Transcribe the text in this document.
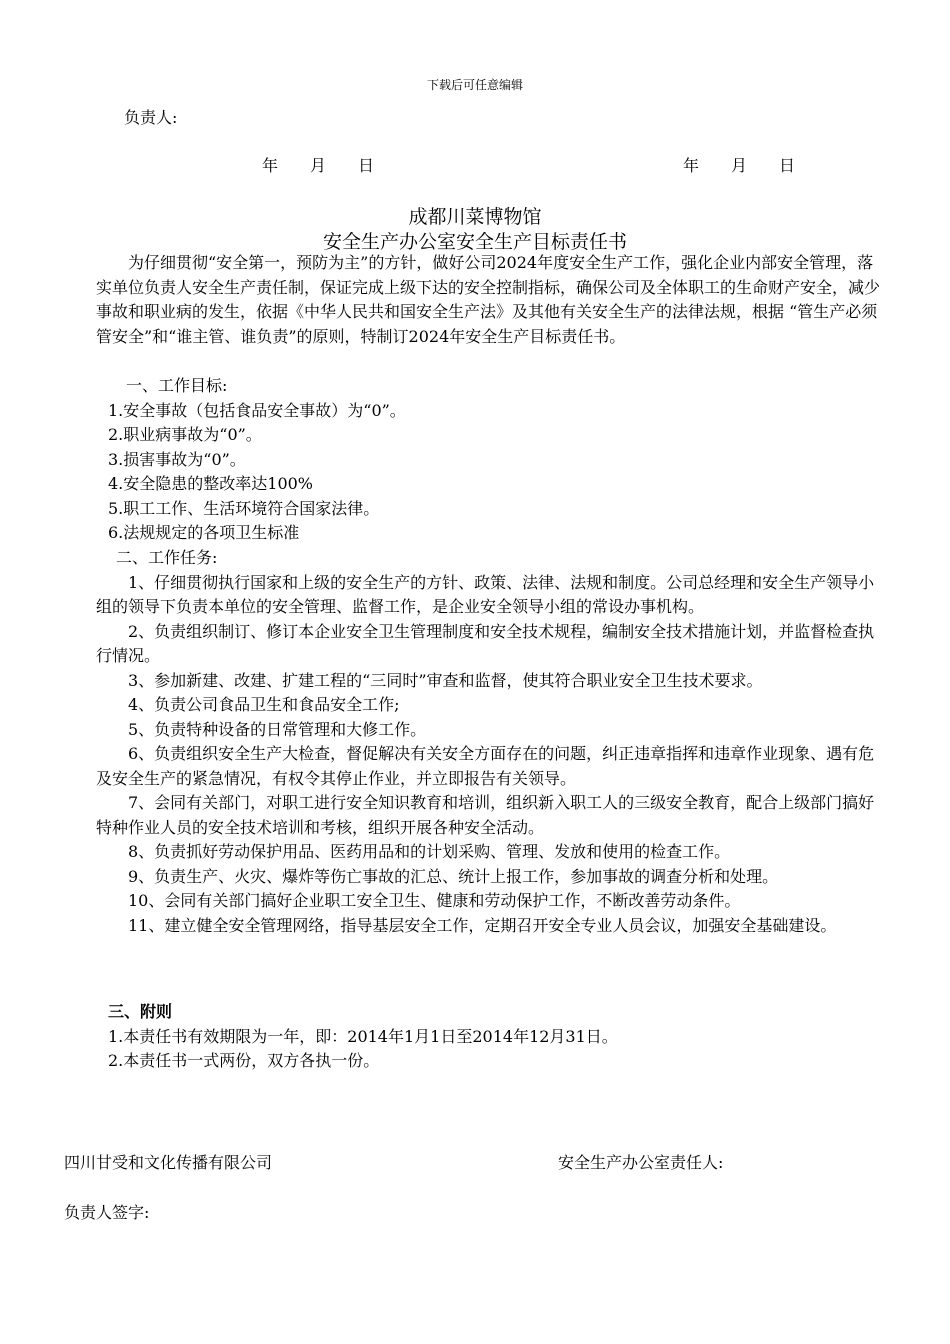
下载后可任意编辑
负责人:
年　　月　　日	年　　月　　日
成都川菜博物馆
安全生产办公室安全生产目标责任书

为仔细贯彻“安全第一，预防为主”的方针，做好公司2024年度安全生产工作，强化企业内部安全管理，落实单位负责人安全生产责任制，保证完成上级下达的安全控制指标，确保公司及全体职工的生命财产安全，减少事故和职业病的发生，依据《中华人民共和国安全生产法》及其他有关安全生产的法律法规，根据 “管生产必须管安全”和“谁主管、谁负责”的原则，特制订2024年安全生产目标责任书。

一、工作目标:

1.安全事故（包括食品安全事故）为“0”。

2.职业病事故为“0”。

3.损害事故为“0”。

4.安全隐患的整改率达100%

5.职工工作、生活环境符合国家法律。

6.法规规定的各项卫生标准

二、工作任务:

1、仔细贯彻执行国家和上级的安全生产的方针、政策、法律、法规和制度。公司总经理和安全生产领导小组的领导下负责本单位的安全管理、监督工作，是企业安全领导小组的常设办事机构。

2、负责组织制订、修订本企业安全卫生管理制度和安全技术规程，编制安全技术措施计划，并监督检查执行情况。

3、参加新建、改建、扩建工程的“三同时”审查和监督，使其符合职业安全卫生技术要求。

4、负责公司食品卫生和食品安全工作;

5、负责特种设备的日常管理和大修工作。

6、负责组织安全生产大检查，督促解决有关安全方面存在的问题，纠正违章指挥和违章作业现象、遇有危及安全生产的紧急情况，有权令其停止作业，并立即报告有关领导。

7、会同有关部门，对职工进行安全知识教育和培训，组织新入职工人的三级安全教育，配合上级部门搞好特种作业人员的安全技术培训和考核，组织开展各种安全活动。

8、负责抓好劳动保护用品、医药用品和的计划采购、管理、发放和使用的检查工作。

9、负责生产、火灾、爆炸等伤亡事故的汇总、统计上报工作，参加事故的调查分析和处理。

10、会同有关部门搞好企业职工安全卫生、健康和劳动保护工作，不断改善劳动条件。

11、建立健全安全管理网络，指导基层安全工作，定期召开安全专业人员会议，加强安全基础建设。

三、附则

1.本责任书有效期限为一年，即：2014年1月1日至2014年12月31日。

2.本责任书一式两份，双方各执一份。

四川甘受和文化传播有限公司	安全生产办公室责任人:
负责人签字:
